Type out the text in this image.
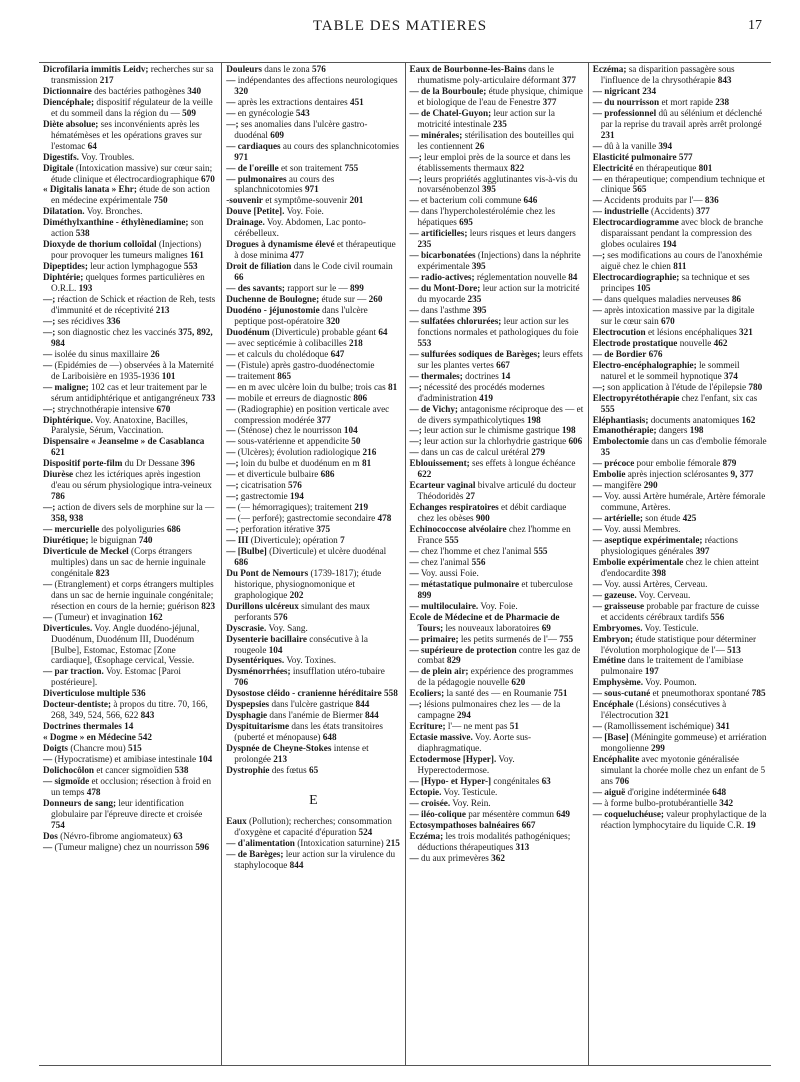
TABLE DES MATIERES	17
Dicrofilaria immitis Leidv; recherches sur sa transmission 217
Dictionnaire des bactéries pathogènes 340
Diencéphale; dispositif régulateur de la veille et du sommeil dans la région du — 509
Diète absolue; ses inconvénients après les hématémèses et les opérations graves sur l'estomac 64
Digestifs. Voy. Troubles.
Digitale (Intoxication massive) sur cœur sain; étude clinique et électrocardiographique 670
« Digitalis lanata » Ehr; étude de son action en médecine expérimentale 750
Dilatation. Voy. Bronches.
Diméthylxanthine - éthylènediamine; son action 538
Dioxyde de thorium colloïdal (Injections) pour provoquer les tumeurs malignes 161
Dipeptides; leur action lymphagogue 553
Diphtérie; quelques formes particulières en O.R.L. 193
—; réaction de Schick et réaction de Reh, tests d'immunité et de réceptivité 213
—; ses récidives 336
—; son diagnostic chez les vaccinés 375, 892, 984
— isolée du sinus maxillaire 26
— (Epidémies de —) observées à la Maternité de Lariboisière en 1935-1936 101
— maligne; 102 cas et leur traitement par le sérum antidiphtérique et antigangréneux 733
—; strychnothérapie intensive 670
Diphtérique. Voy. Anatoxine, Bacilles, Paralysie, Sérum, Vaccination.
Dispensaire « Jeanselme » de Casablanca 621
Dispositif porte-film du Dr Dessane 396
Diurèse chez les ictériques après ingestion d'eau ou sérum physiologique intra-veineux 786
—; action de divers sels de morphine sur la — 358, 938
— mercurielle des polyoliguries 686
Diurétique; le biguignan 740
Diverticule de Meckel (Corps étrangers multiples) dans un sac de hernie inguinale congénitale 823
— (Etranglement) et corps étrangers multiples dans un sac de hernie inguinale congénitale; résection en cours de la hernie; guérison 823
— (Tumeur) et invagination 162
Diverticules. Voy. Angle duodéno-jéjunal, Duodénum, Duodénum III, Duodénum [Bulbe], Estomac, Estomac [Zone cardiaque], Œsophage cervical, Vessie.
— par traction. Voy. Estomac [Paroi postérieure].
Diverticulose multiple 536
Docteur-dentiste; à propos du titre. 70, 166, 268, 349, 524, 566, 622 843
Doctrines thermales 14
« Dogme » en Médecine 542
Doigts (Chancre mou) 515
— (Hypocratisme) et amibiase intestinale 104
Dolichocôlon et cancer sigmoïdien 538
— sigmoïde et occlusion; résection à froid en un temps 478
Donneurs de sang; leur identification globulaire par l'épreuve directe et croisée 754
Dos (Névro-fibrome angiomateux) 63
— (Tumeur maligne) chez un nourrisson 596
Douleurs dans le zona 576
— indépendantes des affections neurologiques 320
— après les extractions dentaires 451
— en gynécologie 543
—; ses anomalies dans l'ulcère gastro-duodénal 609
— cardiaques au cours des splanchnicotomies 971
— de l'oreille et son traitement 755
— pulmonaires au cours des splanchnicotomies 971
-souvenir et symptôme-souvenir 201
Douve [Petite]. Voy. Foie.
Drainage. Voy. Abdomen, Lac ponto-cérébelleux.
Drogues à dynamisme élevé et thérapeutique à dose minima 477
Droit de filiation dans le Code civil roumain 66
— des savants; rapport sur le — 899
Duchenne de Boulogne; étude sur — 260
Duodéno - jéjunostomie dans l'ulcère peptique post-opératoire 320
Duodénum (Diverticule) probable géant 64
— avec septicémie à colibacilles 218
— et calculs du cholédoque 647
— (Fistule) après gastro-duodénectomie
— traitement 865
— en m avec ulcère loin du bulbe; trois cas 81
— mobile et erreurs de diagnostic 806
— (Radiographie) en position verticale avec compression modérée 377
— (Sténose) chez le nourrisson 104
— sous-vatérienne et appendicite 50
— (Ulcères); évolution radiologique 216
—; loin du bulbe et duodénum en m 81
— et diverticule bulbaire 686
—; cicatrisation 576
—; gastrectomie 194
— (— hémorragiques); traitement 219
— (— perforé); gastrectomie secondaire 478
—; perforation itérative 375
— III (Diverticule); opération 7
— [Bulbe] (Diverticule) et ulcère duodénal 686
Du Pont de Nemours (1739-1817); étude historique, physiognomonique et graphologique 202
Durillons ulcéreux simulant des maux perforants 576
Dyscrasie. Voy. Sang.
Dysenterie bacillaire consécutive à la rougeole 104
Dysentériques. Voy. Toxines.
Dysménorrhées; insufflation utéro-tubaire 706
Dysostose cléido - cranienne héréditaire 558
Dyspepsies dans l'ulcère gastrique 844
Dysphagie dans l'anémie de Biermer 844
Dyspituitarisme dans les états transitoires (puberté et ménopause) 648
Dyspnée de Cheyne-Stokes intense et prolongée 213
Dystrophie des fœtus 65
E
Eaux (Pollution); recherches; consommation d'oxygène et capacité d'épuration 524
— d'alimentation (Intoxication saturnine) 215
— de Barèges; leur action sur la virulence du staphylocoque 844
Eaux de Bourbonne-les-Bains dans le rhumatisme poly-articulaire déformant 377
— de la Bourboule; étude physique, chimique et biologique de l'eau de Fenestre 377
— de Chatel-Guyon; leur action sur la motricité intestinale 235
— minérales; stérilisation des bouteilles qui les contiennent 26
—; leur emploi près de la source et dans les établissements thermaux 822
—; leurs propriétés agglutinantes vis-à-vis du novarsénobenzol 395
— et bacterium coli commune 646
— dans l'hypercholestérolémie chez les hépatiques 695
— artificielles; leurs risques et leurs dangers 235
— bicarbonatées (Injections) dans la néphrite expérimentale 395
— radio-actives; réglementation nouvelle 84
— du Mont-Dore; leur action sur la motricité du myocarde 235
— dans l'asthme 395
— sulfatées chlorurées; leur action sur les fonctions normales et pathologiques du foie 553
— sulfurées sodiques de Barèges; leurs effets sur les plantes vertes 667
— thermales; doctrines 14
—; nécessité des procédés modernes d'administration 419
— de Vichy; antagonisme réciproque des — et de divers sympathicolytiques 198
—; leur action sur le chimisme gastrique 198
—; leur action sur la chlorhydrie gastrique 606
— dans un cas de calcul urétéral 279
Eblouissement; ses effets à longue échéance 622
Ecarteur vaginal bivalve articulé du docteur Théodoridès 27
Echanges respiratoires et débit cardiaque chez les obèses 900
Echinococcose alvéolaire chez l'homme en France 555
— chez l'homme et chez l'animal 555
— chez l'animal 556
— Voy. aussi Foie.
— métastatique pulmonaire et tuberculose 899
— multiloculaire. Voy. Foie.
Ecole de Médecine et de Pharmacie de Tours; les nouveaux laboratoires 69
— primaire; les petits surmenés de l'— 755
— supérieure de protection contre les gaz de combat 829
— de plein air; expérience des programmes de la pédagogie nouvelle 620
Ecoliers; la santé des — en Roumanie 751
—; lésions pulmonaires chez les — de la campagne 294
Ecriture; l'— ne ment pas 51
Ectasie massive. Voy. Aorte sus-diaphragmatique.
Ectodermose [Hyper]. Voy. Hyperectodermose.
— [Hypo- et Hyper-] congénitales 63
Ectopie. Voy. Testicule.
— croisée. Voy. Rein.
— iléo-colique par mésentère commun 649
Ectosympathoses balnéaires 667
Eczéma; les trois modalités pathogéniques; déductions thérapeutiques 313
— du aux primevères 362
Eczéma; sa disparition passagère sous l'influence de la chrysothérapie 843
— nigricant 234
— du nourrisson et mort rapide 238
— professionnel dû au sélénium et déclenché par la reprise du travail après arrêt prolongé 231
— dû à la vanille 394
Elasticité pulmonaire 577
Electricité en thérapeutique 801
— en thérapeutique; compendium technique et clinique 565
— Accidents produits par l'— 836
— industrielle (Accidents) 377
Electrocardiogramme avec block de branche disparaissant pendant la compression des globes oculaires 194
—; ses modifications au cours de l'anoxhémie aiguë chez le chien 811
Electrocardiographie; sa technique et ses principes 105
— dans quelques maladies nerveuses 86
— après intoxication massive par la digitale sur le cœur sain 670
Electrocution et lésions encéphaliques 321
Electrode prostatique nouvelle 462
— de Bordier 676
Electro-encéphalographie; le sommeil naturel et le sommeil hypnotique 374
—; son application à l'étude de l'épilepsie 780
Electropyrétothérapie chez l'enfant, six cas 555
Eléphantiasis; documents anatomiques 162
Emanothérapie; dangers 198
Embolectomie dans un cas d'embolie fémorale 35
— précoce pour embolie fémorale 879
Embolie après injection sclérosantes 9, 377
— mangifère 290
— Voy. aussi Artère humérale, Artère fémorale commune, Artères.
— artérielle; son étude 425
— Voy. aussi Membres.
— aseptique expérimentale; réactions physiologiques générales 397
Embolie expérimentale chez le chien atteint d'endocardite 398
— Voy. aussi Artères, Cerveau.
— gazeuse. Voy. Cerveau.
— graisseuse probable par fracture de cuisse et accidents cérébraux tardifs 556
Embryomes. Voy. Testicule.
Embryon; étude statistique pour déterminer l'évolution morphologique de l'— 513
Emétine dans le traitement de l'amibiase pulmonaire 197
Emphysème. Voy. Poumon.
— sous-cutané et pneumothorax spontané 785
Encéphale (Lésions) consécutives à l'électrocution 321
— (Ramollissement ischémique) 341
— [Base] (Méningite gommeuse) et arriération mongolienne 299
Encéphalite avec myotonie généralisée simulant la chorée molle chez un enfant de 5 ans 706
— aiguë d'origine indéterminée 648
— à forme bulbo-protubérantielle 342
— coqueluchéuse; valeur prophylactique de la réaction lymphocytaire du liquide C.R. 19
